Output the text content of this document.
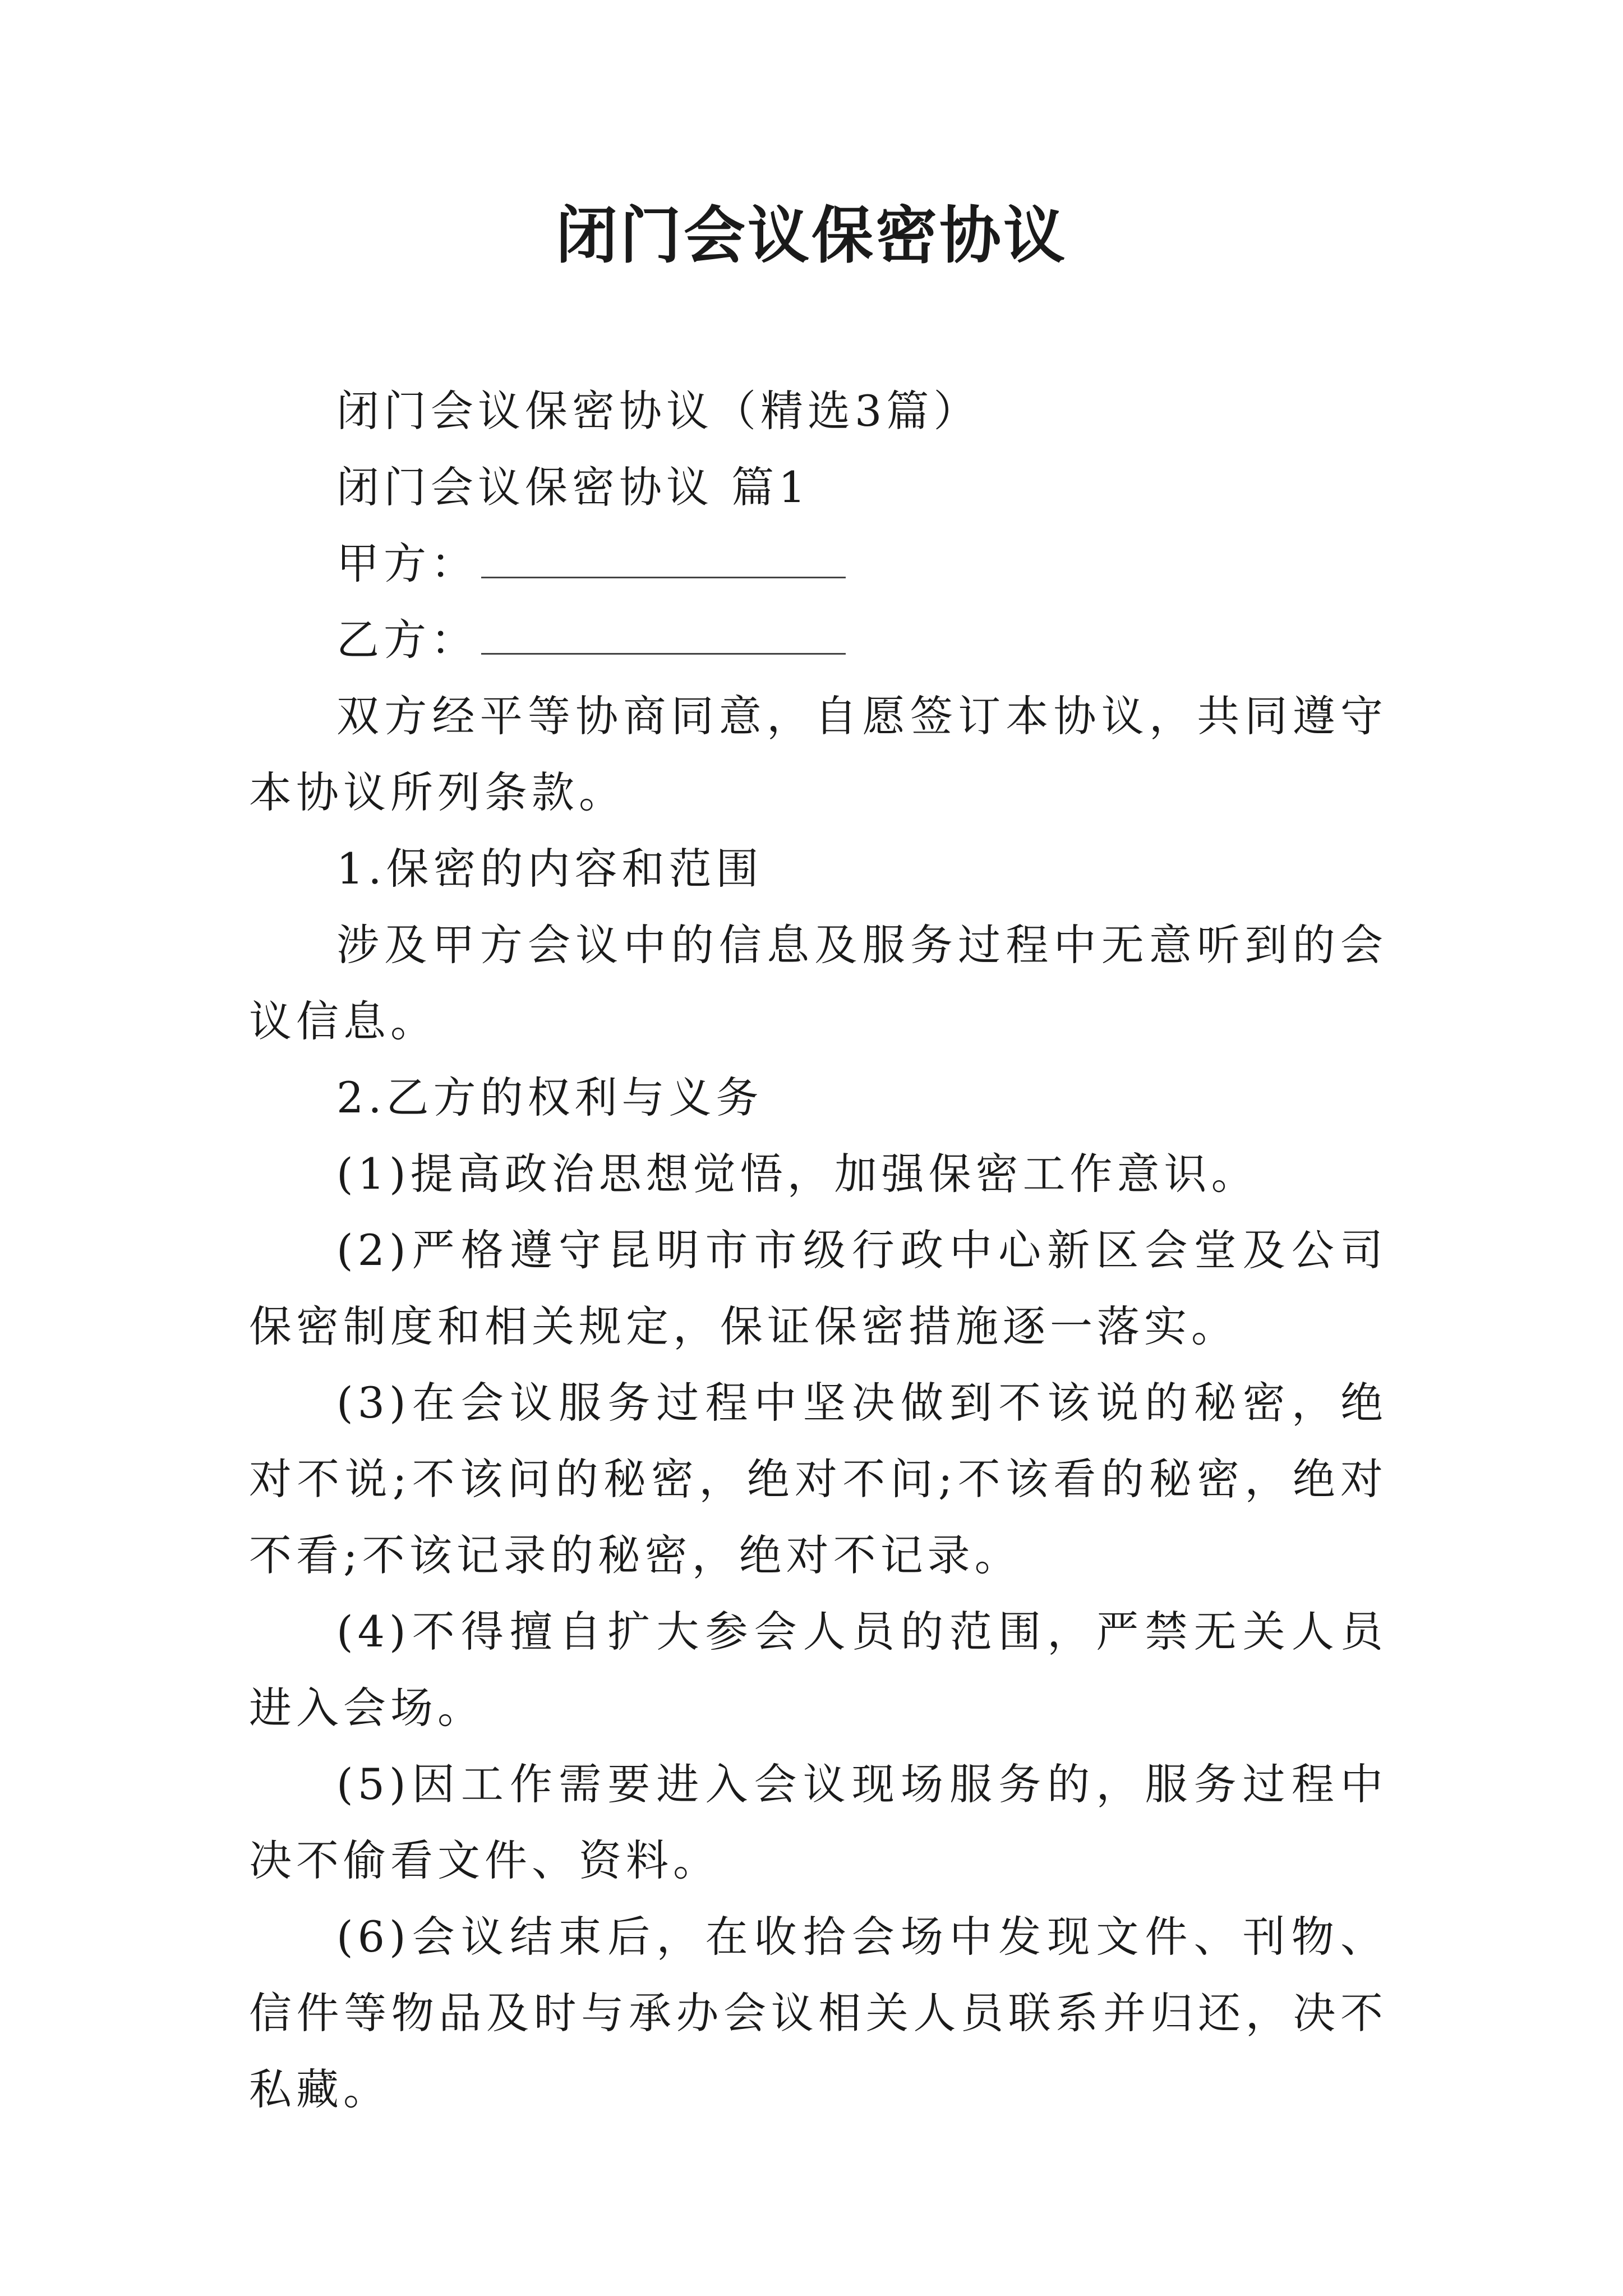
闭门会议保密协议

闭门会议保密协议（精选3篇）

闭门会议保密协议 篇1

甲方：

乙方：

双方经平等协商同意，自愿签订本协议，共同遵守本协议所列条款。

1.保密的内容和范围

涉及甲方会议中的信息及服务过程中无意听到的会议信息。

2.乙方的权利与义务

(1)提高政治思想觉悟，加强保密工作意识。

(2)严格遵守昆明市市级行政中心新区会堂及公司保密制度和相关规定，保证保密措施逐一落实。

(3)在会议服务过程中坚决做到不该说的秘密，绝对不说;不该问的秘密，绝对不问;不该看的秘密，绝对不看;不该记录的秘密，绝对不记录。

(4)不得擅自扩大参会人员的范围，严禁无关人员进入会场。

(5)因工作需要进入会议现场服务的，服务过程中决不偷看文件、资料。

(6)会议结束后，在收拾会场中发现文件、刊物、信件等物品及时与承办会议相关人员联系并归还，决不私藏。
